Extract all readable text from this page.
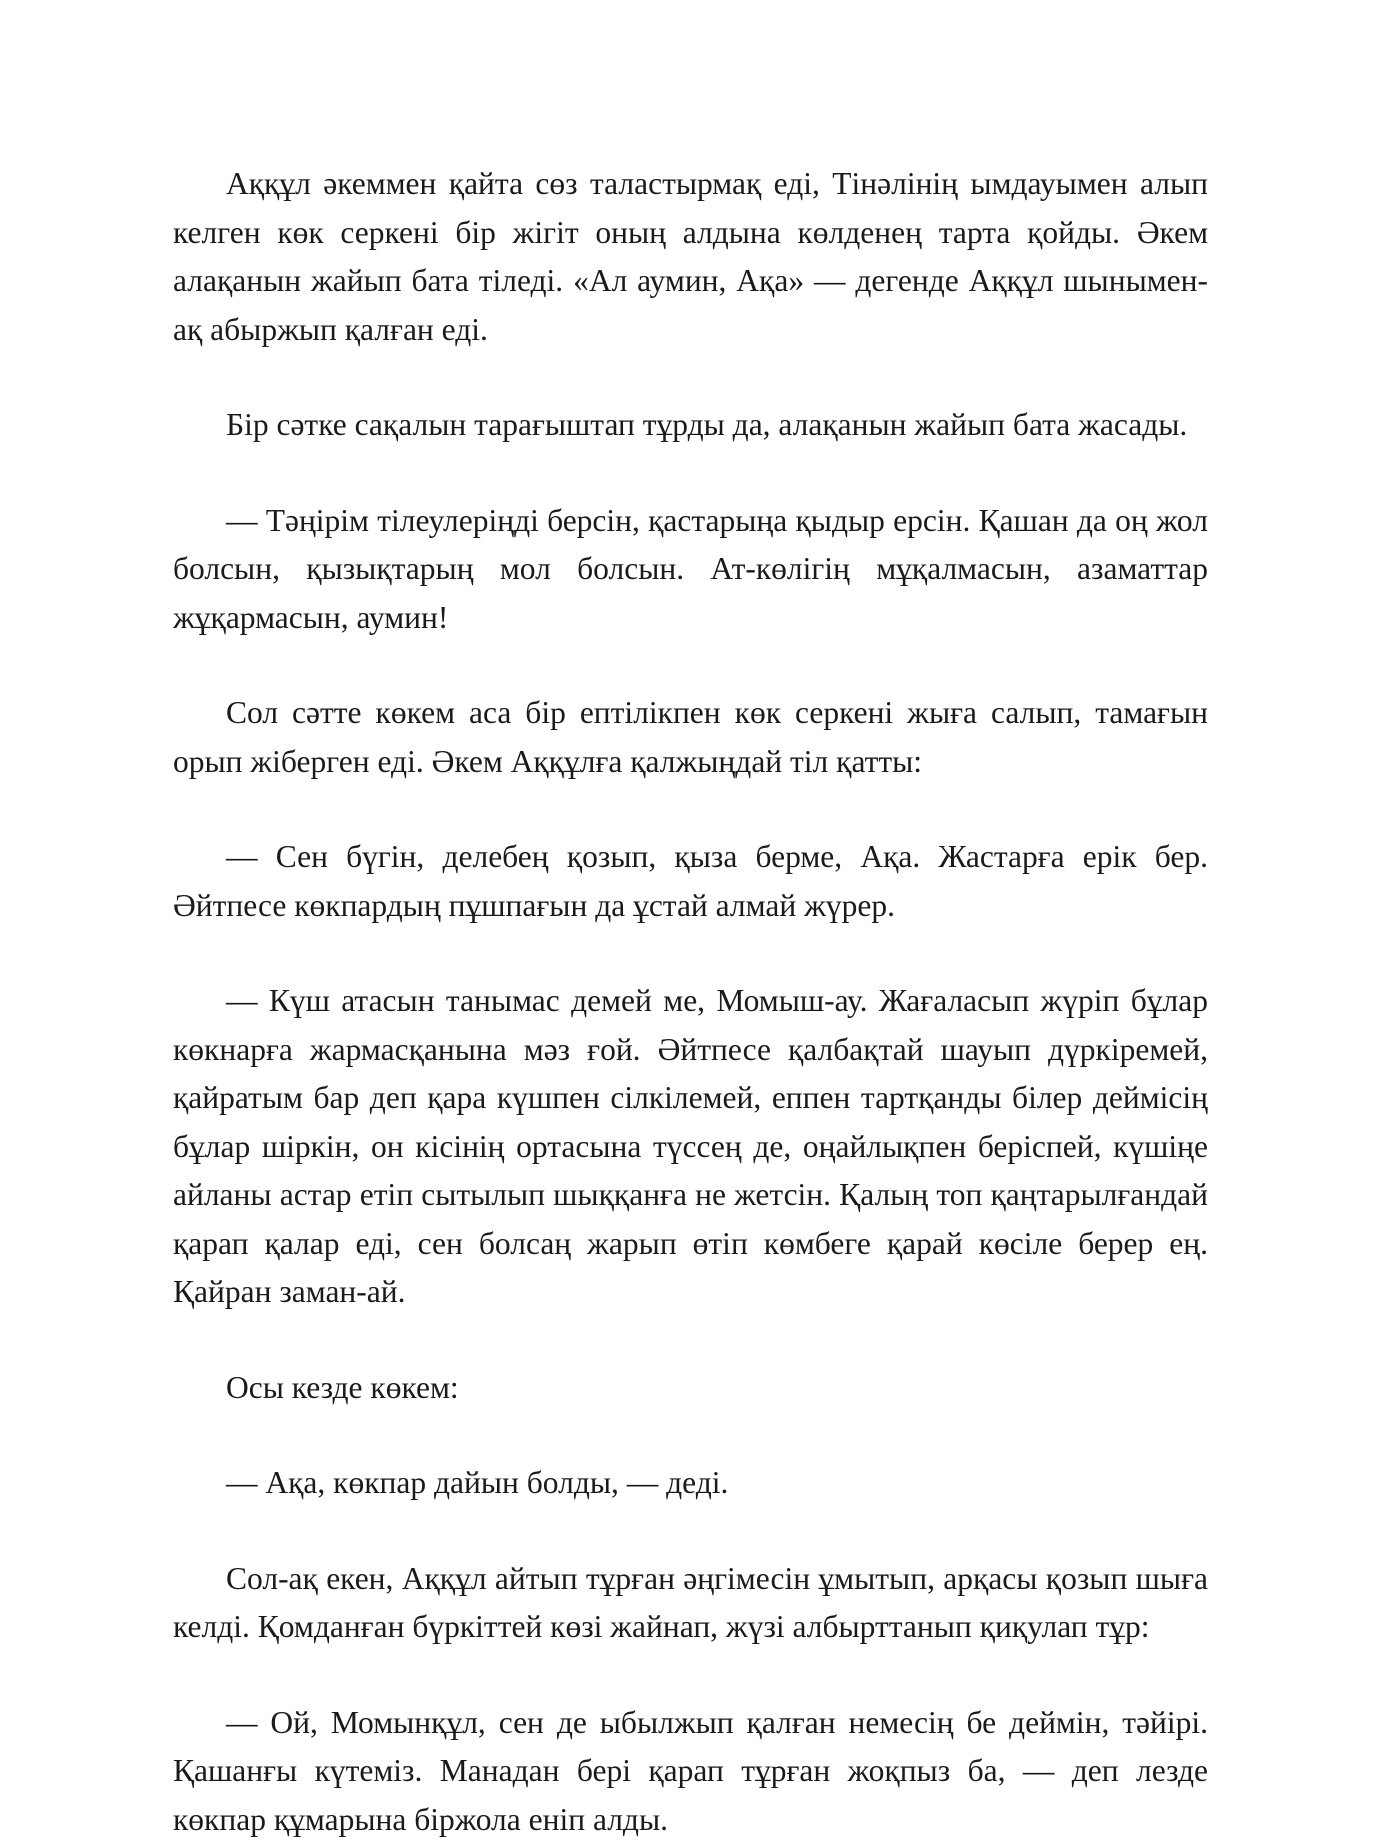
Аққұл әкеммен қайта сөз таластырмақ еді, Тінәлінің ымдауымен алып келген көк серкені бір жігіт оның алдына көлденең тарта қойды. Әкем алақанын жайып бата тіледі. «Ал аумин, Ақа» — дегенде Аққұл шынымен-ақ абыржып қалған еді.

Бір сәтке сақалын тарағыштап тұрды да, алақанын жайып бата жасады.

— Тәңірім тілеулеріңді берсін, қастарыңа қыдыр ерсін. Қашан да оң жол болсын, қызықтарың мол болсын. Ат-көлігің мұқалмасын, азаматтар жұқармасын, аумин!

Сол сәтте көкем аса бір ептілікпен көк серкені жыға салып, тамағын орып жіберген еді. Әкем Аққұлға қалжыңдай тіл қатты:

— Сен бүгін, делебең қозып, қыза берме, Ақа. Жастарға ерік бер. Әйтпесе көкпардың пұшпағын да ұстай алмай жүрер.

— Күш атасын танымас демей ме, Момыш-ау. Жағаласып жүріп бұлар көкнарға жармасқанына мәз ғой. Әйтпесе қалбақтай шауып дүркіремей, қайратым бар деп қара күшпен сілкілемей, еппен тартқанды білер деймісің бұлар шіркін, он кісінің ортасына түссең де, оңайлықпен беріспей, күшіңе айланы астар етіп сытылып шыққанға не жетсін. Қалың топ қаңтарылғандай қарап қалар еді, сен болсаң жарып өтіп көмбеге қарай көсіле берер ең. Қайран заман-ай.

Осы кезде көкем:

— Ақа, көкпар дайын болды, — деді.

Сол-ақ екен, Аққұл айтып тұрған әңгімесін ұмытып, арқасы қозып шыға келді. Қомданған бүркіттей көзі жайнап, жүзі албырттанып қиқулап тұр:

— Ой, Момынқұл, сен де ыбылжып қалған немесің бе деймін, тәйірі. Қашанғы күтеміз. Манадан бері қарап тұрған жоқпыз ба, — деп лезде көкпар құмарына біржола еніп алды.
